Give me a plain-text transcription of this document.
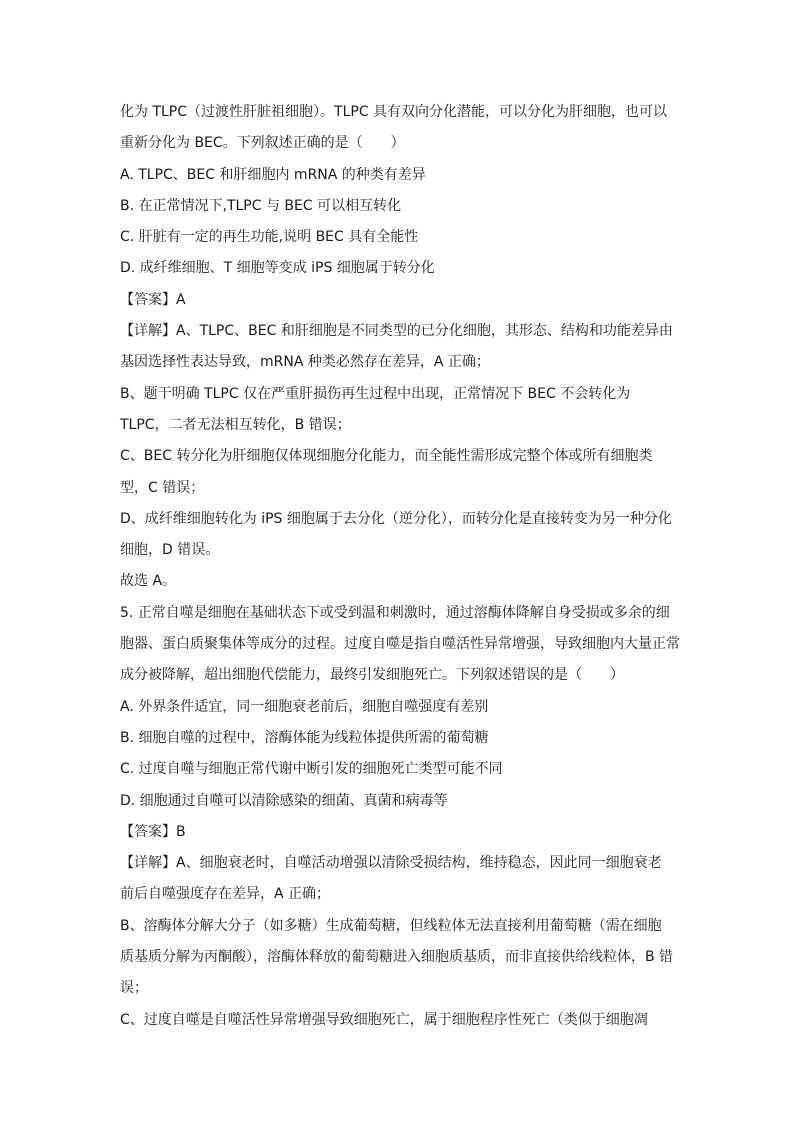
化为 TLPC（过渡性肝脏祖细胞）。TLPC 具有双向分化潜能，可以分化为肝细胞，也可以
重新分化为 BEC。下列叙述正确的是（　　）
A. TLPC、BEC 和肝细胞内 mRNA 的种类有差异
B. 在正常情况下,TLPC 与 BEC 可以相互转化
C. 肝脏有一定的再生功能,说明 BEC 具有全能性
D. 成纤维细胞、T 细胞等变成 iPS 细胞属于转分化
【答案】A
【详解】A、TLPC、BEC 和肝细胞是不同类型的已分化细胞，其形态、结构和功能差异由
基因选择性表达导致，mRNA 种类必然存在差异，A 正确；
B、题干明确 TLPC 仅在严重肝损伤再生过程中出现，正常情况下 BEC 不会转化为
TLPC，二者无法相互转化，B 错误；
C、BEC 转分化为肝细胞仅体现细胞分化能力，而全能性需形成完整个体或所有细胞类
型，C 错误；
D、成纤维细胞转化为 iPS 细胞属于去分化（逆分化），而转分化是直接转变为另一种分化
细胞，D 错误。
故选 A。
5. 正常自噬是细胞在基础状态下或受到温和刺激时，通过溶酶体降解自身受损或多余的细
胞器、蛋白质聚集体等成分的过程。过度自噬是指自噬活性异常增强，导致细胞内大量正常
成分被降解，超出细胞代偿能力，最终引发细胞死亡。下列叙述错误的是（　　）
A. 外界条件适宜，同一细胞衰老前后，细胞自噬强度有差别
B. 细胞自噬的过程中，溶酶体能为线粒体提供所需的葡萄糖
C. 过度自噬与细胞正常代谢中断引发的细胞死亡类型可能不同
D. 细胞通过自噬可以清除感染的细菌、真菌和病毒等
【答案】B
【详解】A、细胞衰老时，自噬活动增强以清除受损结构，维持稳态，因此同一细胞衰老
前后自噬强度存在差异，A 正确；
B、溶酶体分解大分子（如多糖）生成葡萄糖，但线粒体无法直接利用葡萄糖（需在细胞
质基质分解为丙酮酸），溶酶体释放的葡萄糖进入细胞质基质，而非直接供给线粒体，B 错
误；
C、过度自噬是自噬活性异常增强导致细胞死亡，属于细胞程序性死亡（类似于细胞凋
